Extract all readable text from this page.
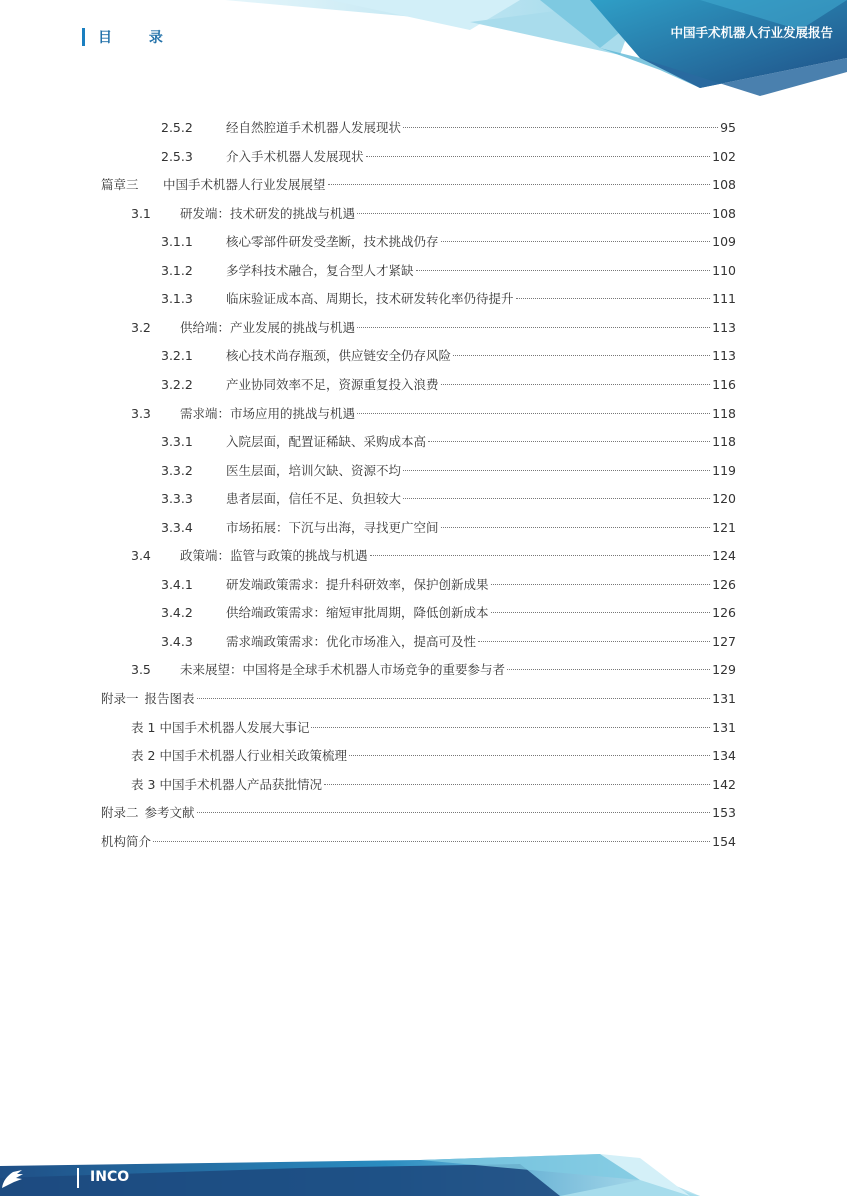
目 录	中国手术机器人行业发展报告
2.5.2	经自然腔道手术机器人发展现状	95
2.5.3	介入手术机器人发展现状	102
篇章三 中国手术机器人行业发展展望	108
3.1 研发端：技术研发的挑战与机遇	108
3.1.1	核心零部件研发受垄断，技术挑战仍存	109
3.1.2	多学科技术融合，复合型人才紧缺	110
3.1.3	临床验证成本高、周期长，技术研发转化率仍待提升	111
3.2 供给端：产业发展的挑战与机遇	113
3.2.1	核心技术尚存瓶颈，供应链安全仍存风险	113
3.2.2	产业协同效率不足，资源重复投入浪费	116
3.3 需求端：市场应用的挑战与机遇	118
3.3.1	入院层面，配置证稀缺、采购成本高	118
3.3.2	医生层面，培训欠缺、资源不均	119
3.3.3	患者层面，信任不足、负担较大	120
3.3.4	市场拓展：下沉与出海，寻找更广空间	121
3.4 政策端：监管与政策的挑战与机遇	124
3.4.1	研发端政策需求：提升科研效率，保护创新成果	126
3.4.2	供给端政策需求：缩短审批周期，降低创新成本	126
3.4.3	需求端政策需求：优化市场准入，提高可及性	127
3.5 未来展望：中国将是全球手术机器人市场竞争的重要参与者	129
附录一 报告图表	131
表 1 中国手术机器人发展大事记	131
表 2 中国手术机器人行业相关政策梳理	134
表 3 中国手术机器人产品获批情况	142
附录二 参考文献	153
机构简介	154
INCO
